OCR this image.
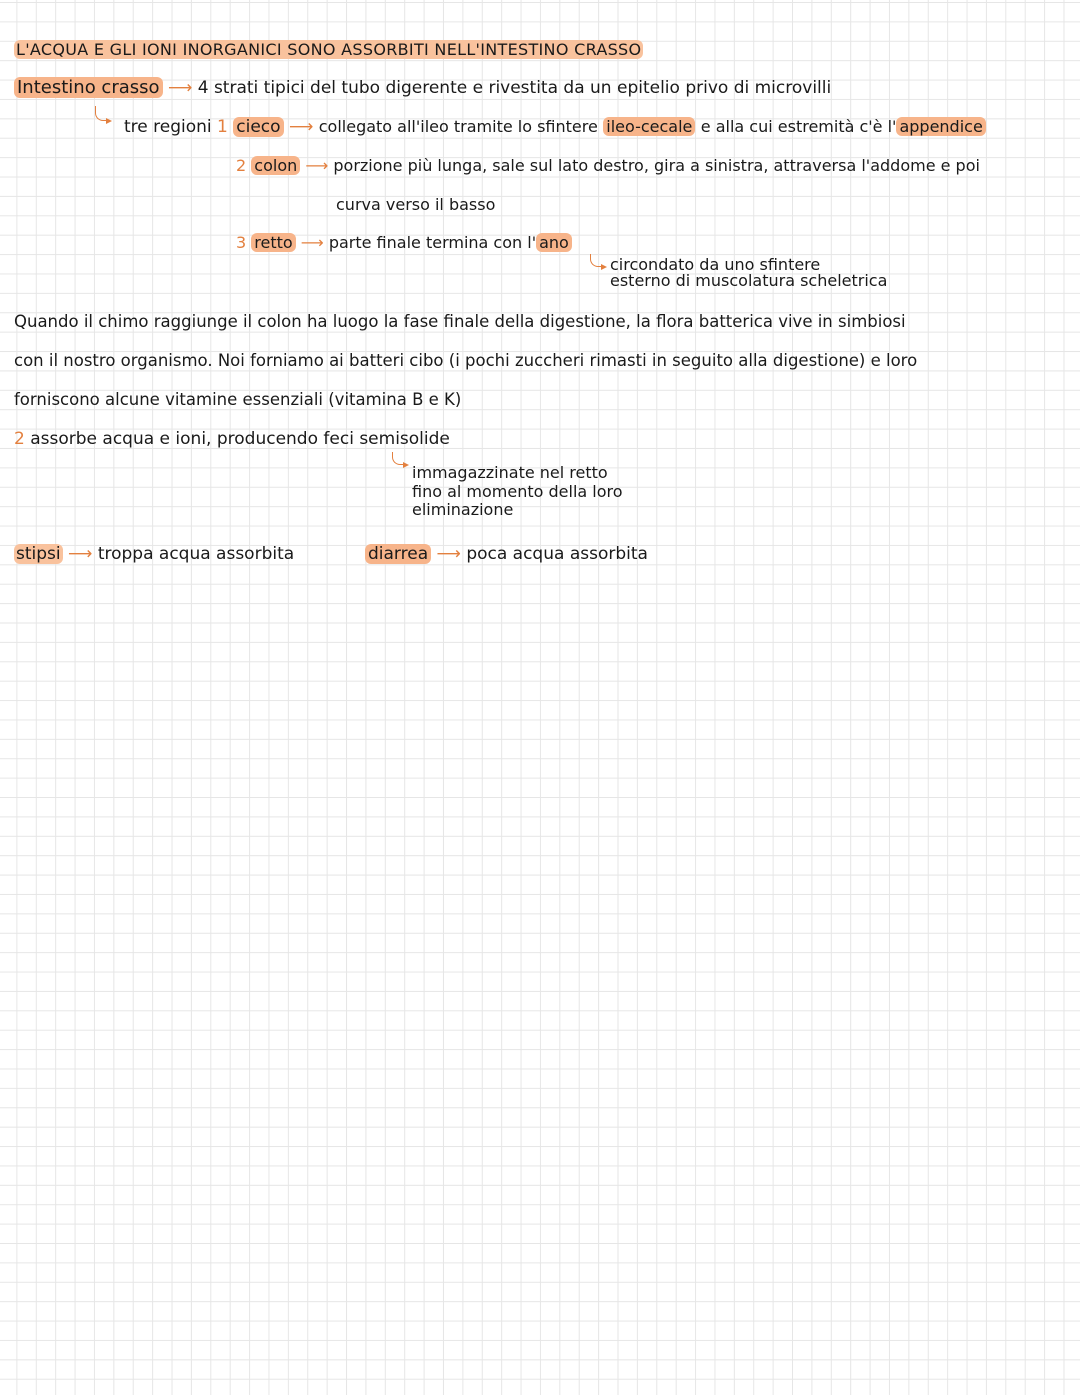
L'ACQUA E GLI IONI INORGANICI SONO ASSORBITI NELL'INTESTINO CRASSO
Intestino crasso ⟶ 4 strati tipici del tubo digerente e rivestita da un epitelio privo di microvilli
tre regioni 1 cieco ⟶ collegato all'ileo tramite lo sfintere ileo-cecale e alla cui estremità c'è l' appendice
2 colon ⟶ porzione più lunga, sale sul lato destro, gira a sinistra, attraversa l'addome e poi
curva verso il basso
3 retto ⟶ parte finale termina con l' ano
circondato da uno sfintere
esterno di muscolatura scheletrica
Quando il chimo raggiunge il colon ha luogo la fase finale della digestione, la flora batterica vive in simbiosi
con il nostro organismo. Noi forniamo ai batteri cibo (i pochi zuccheri rimasti in seguito alla digestione) e loro
forniscono alcune vitamine essenziali (vitamina B e K)
2 assorbe acqua e ioni, producendo feci semisolide
immagazzinate nel retto
fino al momento della loro
eliminazione
stipsi ⟶ troppa acqua assorbita	diarrea ⟶ poca acqua assorbita
